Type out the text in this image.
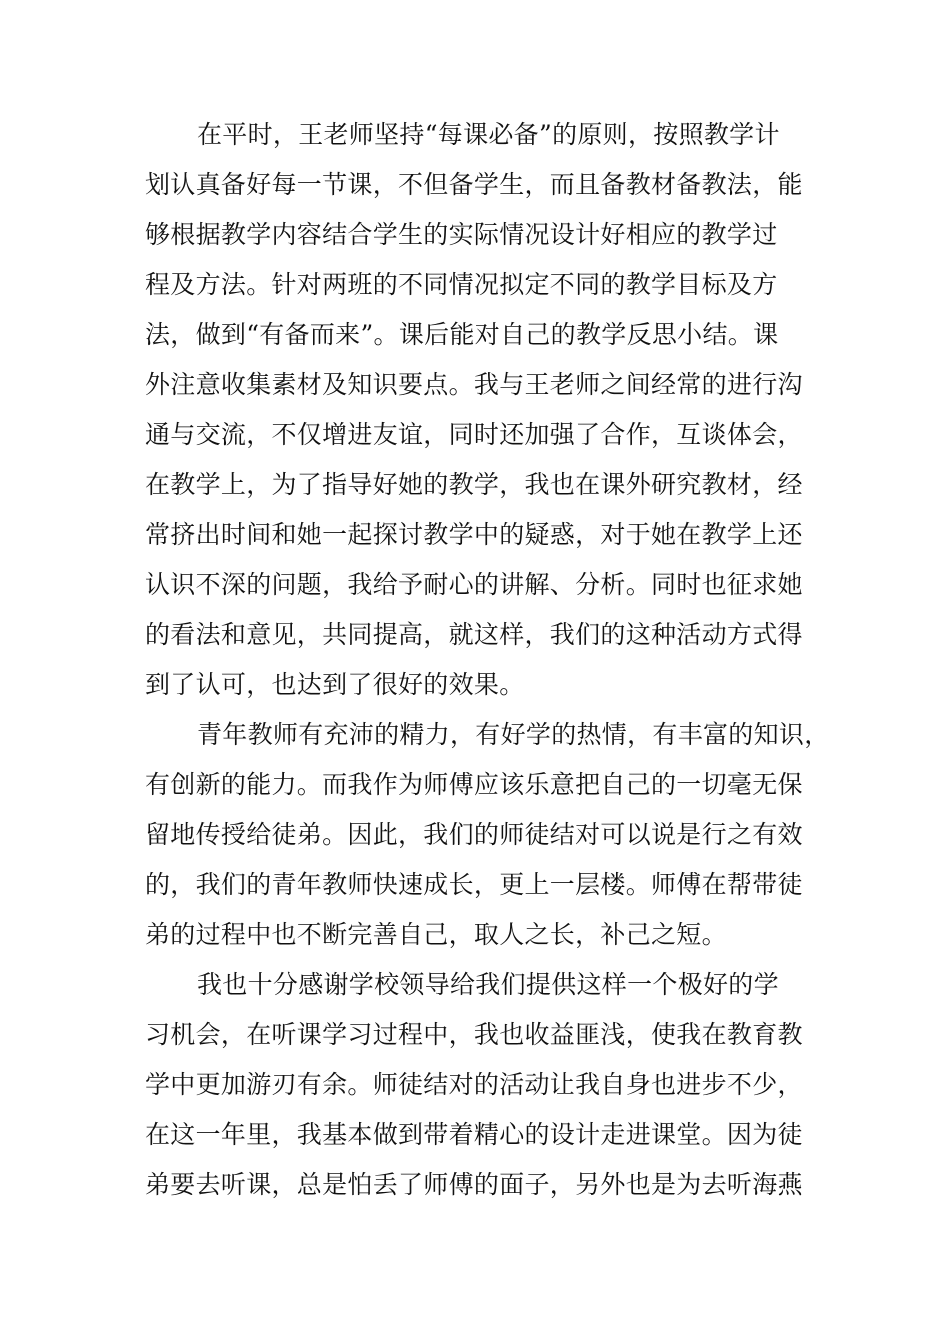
在平时，王老师坚持“每课必备”的原则，按照教学计
划认真备好每一节课，不但备学生，而且备教材备教法，能
够根据教学内容结合学生的实际情况设计好相应的教学过
程及方法。针对两班的不同情况拟定不同的教学目标及方
法，做到“有备而来”。课后能对自己的教学反思小结。课
外注意收集素材及知识要点。我与王老师之间经常的进行沟
通与交流，不仅增进友谊，同时还加强了合作，互谈体会，
在教学上，为了指导好她的教学，我也在课外研究教材，经
常挤出时间和她一起探讨教学中的疑惑，对于她在教学上还
认识不深的问题，我给予耐心的讲解、分析。同时也征求她
的看法和意见，共同提高，就这样，我们的这种活动方式得
到了认可，也达到了很好的效果。
青年教师有充沛的精力，有好学的热情，有丰富的知识，
有创新的能力。而我作为师傅应该乐意把自己的一切毫无保
留地传授给徒弟。因此，我们的师徒结对可以说是行之有效
的，我们的青年教师快速成长，更上一层楼。师傅在帮带徒
弟的过程中也不断完善自己，取人之长，补己之短。
我也十分感谢学校领导给我们提供这样一个极好的学
习机会，在听课学习过程中，我也收益匪浅，使我在教育教
学中更加游刃有余。师徒结对的活动让我自身也进步不少，
在这一年里，我基本做到带着精心的设计走进课堂。因为徒
弟要去听课，总是怕丢了师傅的面子，另外也是为去听海燕
